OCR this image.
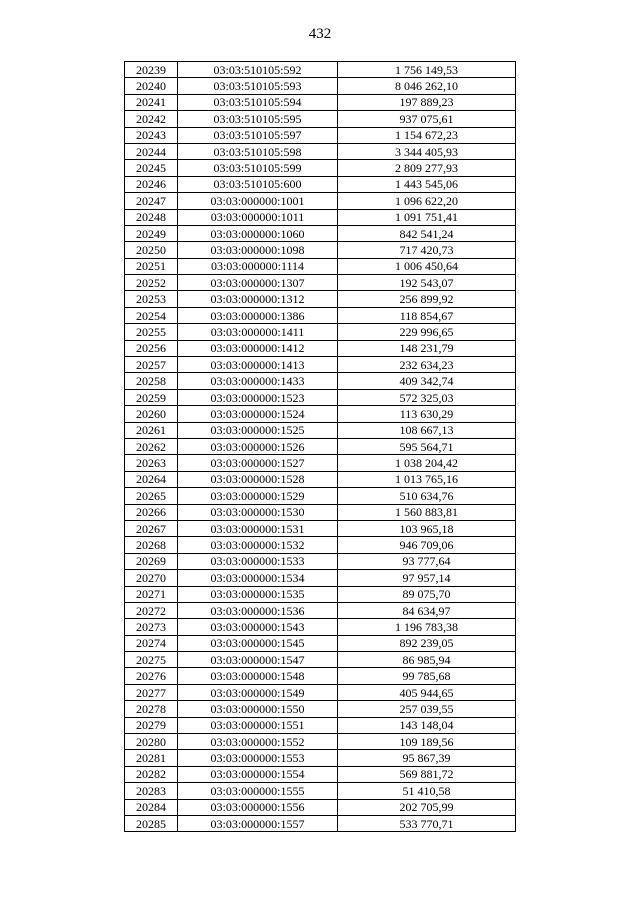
432
20239	03:03:510105:592	1 756 149,53
20240	03:03:510105:593	8 046 262,10
20241	03:03:510105:594	197 889,23
20242	03:03:510105:595	937 075,61
20243	03:03:510105:597	1 154 672,23
20244	03:03:510105:598	3 344 405,93
20245	03:03:510105:599	2 809 277,93
20246	03:03:510105:600	1 443 545,06
20247	03:03:000000:1001	1 096 622,20
20248	03:03:000000:1011	1 091 751,41
20249	03:03:000000:1060	842 541,24
20250	03:03:000000:1098	717 420,73
20251	03:03:000000:1114	1 006 450,64
20252	03:03:000000:1307	192 543,07
20253	03:03:000000:1312	256 899,92
20254	03:03:000000:1386	118 854,67
20255	03:03:000000:1411	229 996,65
20256	03:03:000000:1412	148 231,79
20257	03:03:000000:1413	232 634,23
20258	03:03:000000:1433	409 342,74
20259	03:03:000000:1523	572 325,03
20260	03:03:000000:1524	113 630,29
20261	03:03:000000:1525	108 667,13
20262	03:03:000000:1526	595 564,71
20263	03:03:000000:1527	1 038 204,42
20264	03:03:000000:1528	1 013 765,16
20265	03:03:000000:1529	510 634,76
20266	03:03:000000:1530	1 560 883,81
20267	03:03:000000:1531	103 965,18
20268	03:03:000000:1532	946 709,06
20269	03:03:000000:1533	93 777,64
20270	03:03:000000:1534	97 957,14
20271	03:03:000000:1535	89 075,70
20272	03:03:000000:1536	84 634,97
20273	03:03:000000:1543	1 196 783,38
20274	03:03:000000:1545	892 239,05
20275	03:03:000000:1547	86 985,94
20276	03:03:000000:1548	99 785,68
20277	03:03:000000:1549	405 944,65
20278	03:03:000000:1550	257 039,55
20279	03:03:000000:1551	143 148,04
20280	03:03:000000:1552	109 189,56
20281	03:03:000000:1553	95 867,39
20282	03:03:000000:1554	569 881,72
20283	03:03:000000:1555	51 410,58
20284	03:03:000000:1556	202 705,99
20285	03:03:000000:1557	533 770,71
